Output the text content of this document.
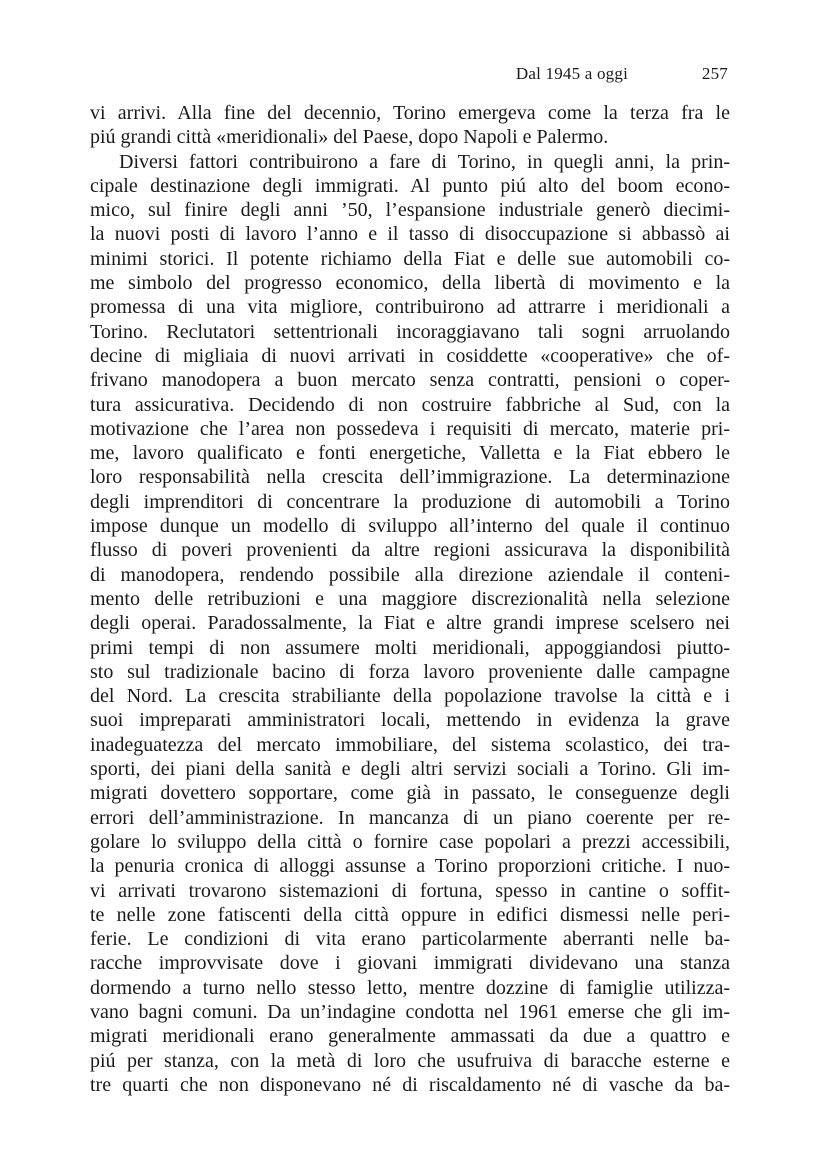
Dal 1945 a oggi	257
vi arrivi. Alla fine del decennio, Torino emergeva come la terza fra le
piú grandi città «meridionali» del Paese, dopo Napoli e Palermo.
Diversi fattori contribuirono a fare di Torino, in quegli anni, la prin-
cipale destinazione degli immigrati. Al punto piú alto del boom econo-
mico, sul finire degli anni ’50, l’espansione industriale generò diecimi-
la nuovi posti di lavoro l’anno e il tasso di disoccupazione si abbassò ai
minimi storici. Il potente richiamo della Fiat e delle sue automobili co-
me simbolo del progresso economico, della libertà di movimento e la
promessa di una vita migliore, contribuirono ad attrarre i meridionali a
Torino. Reclutatori settentrionali incoraggiavano tali sogni arruolando
decine di migliaia di nuovi arrivati in cosiddette «cooperative» che of-
frivano manodopera a buon mercato senza contratti, pensioni o coper-
tura assicurativa. Decidendo di non costruire fabbriche al Sud, con la
motivazione che l’area non possedeva i requisiti di mercato, materie pri-
me, lavoro qualificato e fonti energetiche, Valletta e la Fiat ebbero le
loro responsabilità nella crescita dell’immigrazione. La determinazione
degli imprenditori di concentrare la produzione di automobili a Torino
impose dunque un modello di sviluppo all’interno del quale il continuo
flusso di poveri provenienti da altre regioni assicurava la disponibilità
di manodopera, rendendo possibile alla direzione aziendale il conteni-
mento delle retribuzioni e una maggiore discrezionalità nella selezione
degli operai. Paradossalmente, la Fiat e altre grandi imprese scelsero nei
primi tempi di non assumere molti meridionali, appoggiandosi piutto-
sto sul tradizionale bacino di forza lavoro proveniente dalle campagne
del Nord. La crescita strabiliante della popolazione travolse la città e i
suoi impreparati amministratori locali, mettendo in evidenza la grave
inadeguatezza del mercato immobiliare, del sistema scolastico, dei tra-
sporti, dei piani della sanità e degli altri servizi sociali a Torino. Gli im-
migrati dovettero sopportare, come già in passato, le conseguenze degli
errori dell’amministrazione. In mancanza di un piano coerente per re-
golare lo sviluppo della città o fornire case popolari a prezzi accessibili,
la penuria cronica di alloggi assunse a Torino proporzioni critiche. I nuo-
vi arrivati trovarono sistemazioni di fortuna, spesso in cantine o soffit-
te nelle zone fatiscenti della città oppure in edifici dismessi nelle peri-
ferie. Le condizioni di vita erano particolarmente aberranti nelle ba-
racche improvvisate dove i giovani immigrati dividevano una stanza
dormendo a turno nello stesso letto, mentre dozzine di famiglie utilizza-
vano bagni comuni. Da un’indagine condotta nel 1961 emerse che gli im-
migrati meridionali erano generalmente ammassati da due a quattro e
piú per stanza, con la metà di loro che usufruiva di baracche esterne e
tre quarti che non disponevano né di riscaldamento né di vasche da ba-
